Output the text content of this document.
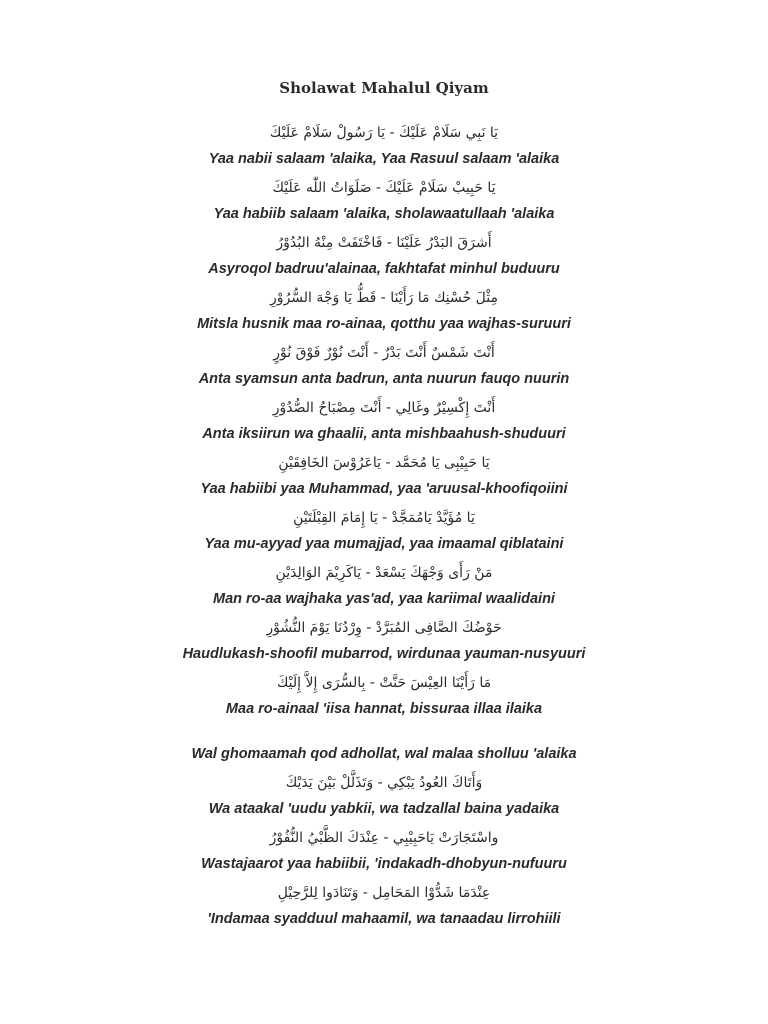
Sholawat Mahalul Qiyam
يَا نَبِي سَلَامْ عَلَيْكَ - يَا رَسُولْ سَلَامْ عَلَيْكَ
Yaa nabii salaam 'alaika, Yaa Rasuul salaam 'alaika
يَا حَبِيبْ سَلَامْ عَلَيْكَ - صَلَوَاتُ اللّٰه عَلَيْكَ
Yaa habiib salaam 'alaika, sholawaatullaah 'alaika
أَشرَقَ البَدْرُ عَلَيْنَا - فَاخْتَفَتْ مِنْهُ البُدُوْرُ
Asyroqol badruu'alainaa, fakhtafat minhul buduuru
مِثْلَ حُسْنِك مَا رَأَيْنَا - قَطُّ يَا وَجْهَ السُّرُوْرِ
Mitsla husnik maa ro-ainaa, qotthu yaa wajhas-suruuri
أَنْتَ شَمْسٌ أَنْتَ بَدْرٌ - أَنْتَ نُوْرٌ فَوْقَ نُوْرٍ
Anta syamsun anta badrun, anta nuurun fauqo nuurin
أَنْتَ إِكْسِيْرٌ وغَالِي - أَنْتَ مِصْبَاحُ الصُّدُوْرِ
Anta iksiirun wa ghaalii, anta mishbaahush-shuduuri
يَا حَبِيْبِى يَا مُحَمَّد - يَاعَرُوْسَ الخَافِقَيْنِ
Yaa habiibi yaa Muhammad, yaa 'aruusal-khoofiqoiini
يَا مُؤَيَّدْ يَامُمَجَّدْ - يَا إِمَامَ القِبْلَتَيْنِ
Yaa mu-ayyad yaa mumajjad, yaa imaamal qiblataini
مَنْ رَأَى وَجْهَكَ يَسْعَدْ - يَاكَرِيْمَ الوَالِدَيْنِ
Man ro-aa wajhaka yas'ad, yaa kariimal waalidaini
حَوْضُكَ الصَّافِى المُبَرَّدْ - وِرْدُنَا يَوْمَ النُّشُوْرِ
Haudlukash-shoofil mubarrod, wirdunaa yauman-nusyuuri
مَا رَأَيْنَا العِيْسَ حَنَّتْ - بِالسُّرَى إِلاَّ إِلَيْكَ
Maa ro-ainaal 'iisa hannat, bissuraa illaa ilaika
Wal ghomaamah qod adhollat, wal malaa sholluu 'alaika
وَأَتَاكَ العُودُ يَبْكِي - وَتَذَلَّلْ بَيْنَ يَدَيْكَ
Wa ataakal 'uudu yabkii, wa tadzallal baina yadaika
واسْتَجَارَتْ يَاحَبِيْبِي - عِنْدَكَ الظَّبْيُ النُّفُوْرُ
Wastajaarot yaa habiibii, 'indakadh-dhobyun-nufuuru
عِنْدَمَا شَدُّوْا المَحَامِل - وَتَنَادَوا لِلرَّحِيْلِ
'Indamaa syadduul mahaamil, wa tanaadau lirrohiili
